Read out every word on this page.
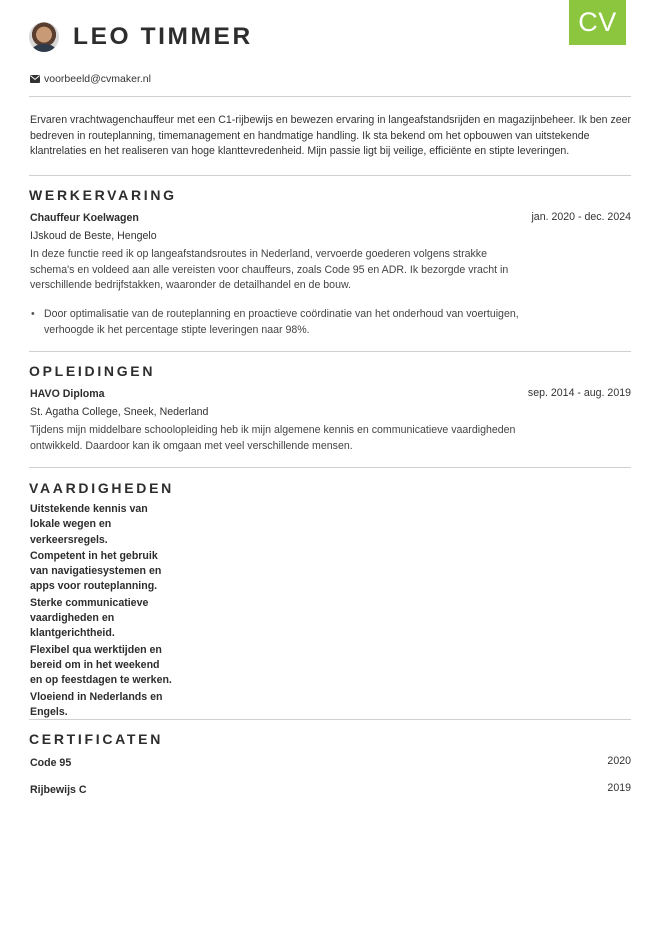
CV
LEO TIMMER
voorbeeld@cvmaker.nl
Ervaren vrachtwagenchauffeur met een C1-rijbewijs en bewezen ervaring in langeafstandsrijden en magazijnbeheer. Ik ben zeer bedreven in routeplanning, timemanagement en handmatige handling. Ik sta bekend om het opbouwen van uitstekende klantrelaties en het realiseren van hoge klanttevredenheid. Mijn passie ligt bij veilige, efficiënte en stipte leveringen.
WERKERVARING
Chauffeur Koelwagen	jan. 2020 - dec. 2024
IJskoud de Beste, Hengelo
In deze functie reed ik op langeafstandsroutes in Nederland, vervoerde goederen volgens strakke schema's en voldeed aan alle vereisten voor chauffeurs, zoals Code 95 en ADR. Ik bezorgde vracht in verschillende bedrijfstakken, waaronder de detailhandel en de bouw.
• Door optimalisatie van de routeplanning en proactieve coördinatie van het onderhoud van voertuigen, verhoogde ik het percentage stipte leveringen naar 98%.
OPLEIDINGEN
HAVO Diploma	sep. 2014 - aug. 2019
St. Agatha College, Sneek, Nederland
Tijdens mijn middelbare schoolopleiding heb ik mijn algemene kennis en communicatieve vaardigheden ontwikkeld. Daardoor kan ik omgaan met veel verschillende mensen.
VAARDIGHEDEN
Uitstekende kennis van lokale wegen en verkeersregels.
Competent in het gebruik van navigatiesystemen en apps voor routeplanning.
Sterke communicatieve vaardigheden en klantgerichtheid.
Flexibel qua werktijden en bereid om in het weekend en op feestdagen te werken.
Vloeiend in Nederlands en Engels.
CERTIFICATEN
Code 95	2020
Rijbewijs C	2019
